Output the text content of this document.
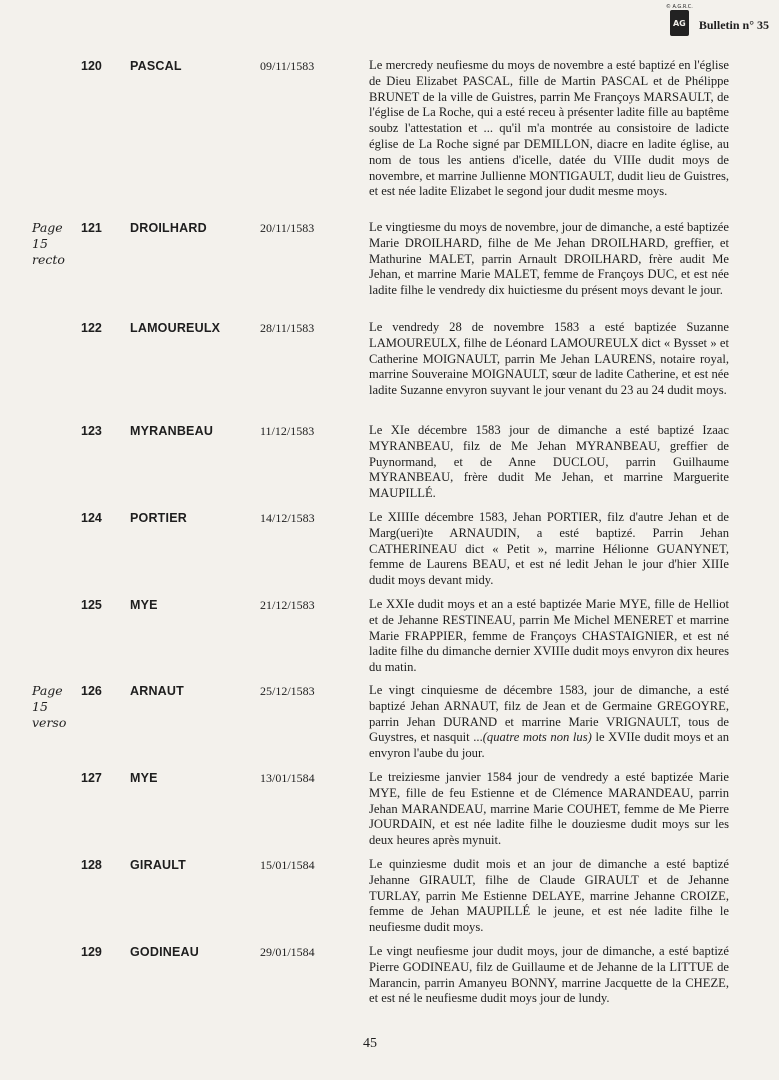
© A.G.R.C.
AG Bulletin n° 35
120 PASCAL	09/11/1583	Le mercredy neufiesme du moys de novembre a esté baptizé en l'église de Dieu Elizabet PASCAL, fille de Martin PASCAL et de Phélippe BRUNET de la ville de Guistres, parrin Me Françoys MARSAULT, de l'église de La Roche, qui a esté receu à présenter ladite fille au baptême soubz l'attestation et ... qu'il m'a montrée au consistoire de ladicte église de La Roche signé par DEMILLON, diacre en ladite église, au nom de tous les antiens d'icelle, datée du VIIIe dudit moys de novembre, et marrine Jullienne MONTIGAULT, dudit lieu de Guistres, et est née ladite Elizabet le segond jour dudit mesme moys.
Page 15 recto
121 DROILHARD	20/11/1583	Le vingtiesme du moys de novembre, jour de dimanche, a esté baptizée Marie DROILHARD, filhe de Me Jehan DROILHARD, greffier, et Mathurine MALET, parrin Arnault DROILHARD, frère audit Me Jehan, et marrine Marie MALET, femme de Françoys DUC, et est née ladite filhe le vendredy dix huictiesme du présent moys devant le jour.
122 LAMOUREULX	28/11/1583	Le vendredy 28 de novembre 1583 a esté baptizée Suzanne LAMOUREULX, filhe de Léonard LAMOUREULX dict « Bysset » et Catherine MOIGNAULT, parrin Me Jehan LAURENS, notaire royal, marrine Souveraine MOIGNAULT, sœur de ladite Catherine, et est née ladite Suzanne envyron suyvant le jour venant du 23 au 24 dudit moys.
123 MYRANBEAU	11/12/1583	Le XIe décembre 1583 jour de dimanche a esté baptizé Izaac MYRANBEAU, filz de Me Jehan MYRANBEAU, greffier de Puynormand, et de Anne DUCLOU, parrin Guilhaume MYRANBEAU, frère dudit Me Jehan, et marrine Marguerite MAUPILLÉ.
124 PORTIER	14/12/1583	Le XIIIIe décembre 1583, Jehan PORTIER, filz d'autre Jehan et de Marg(ueri)te ARNAUDIN, a esté baptizé. Parrin Jehan CATHERINEAU dict « Petit », marrine Hélionne GUANYNET, femme de Laurens BEAU, et est né ledit Jehan le jour d'hier XIIIe dudit moys devant midy.
125 MYE	21/12/1583	Le XXIe dudit moys et an a esté baptizée Marie MYE, fille de Helliot et de Jehanne RESTINEAU, parrin Me Michel MENERET et marrine Marie FRAPPIER, femme de Françoys CHASTAIGNIER, et est né ladite filhe du dimanche dernier XVIIIe dudit moys envyron dix heures du matin.
Page 15 verso
126 ARNAUT	25/12/1583	Le vingt cinquiesme de décembre 1583, jour de dimanche, a esté baptizé Jehan ARNAUT, filz de Jean et de Germaine GREGOYRE, parrin Jehan DURAND et marrine Marie VRIGNAULT, tous de Guystres, et nasquit ...(quatre mots non lus) le XVIIe dudit moys et an envyron l'aube du jour.
127 MYE	13/01/1584	Le treiziesme janvier 1584 jour de vendredy a esté baptizée Marie MYE, fille de feu Estienne et de Clémence MARANDEAU, parrin Jehan MARANDEAU, marrine Marie COUHET, femme de Me Pierre JOURDAIN, et est née ladite filhe le douziesme dudit moys sur les deux heures après mynuit.
128 GIRAULT	15/01/1584	Le quinziesme dudit mois et an jour de dimanche a esté baptizé Jehanne GIRAULT, filhe de Claude GIRAULT et de Jehanne TURLAY, parrin Me Estienne DELAYE, marrine Jehanne CROIZE, femme de Jehan MAUPILLÉ le jeune, et est née ladite filhe le neufiesme dudit moys.
129 GODINEAU	29/01/1584	Le vingt neufiesme jour dudit moys, jour de dimanche, a esté baptizé Pierre GODINEAU, filz de Guillaume et de Jehanne de la LITTUE de Marancin, parrin Amanyeu BONNY, marrine Jacquette de la CHEZE, et est né le neufiesme dudit moys jour de lundy.
45
